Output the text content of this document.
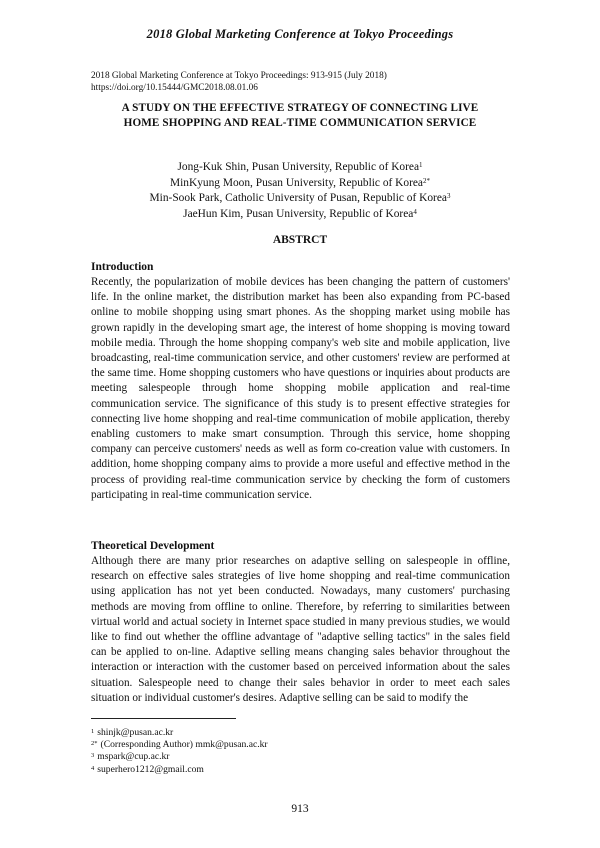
2018 Global Marketing Conference at Tokyo Proceedings
2018 Global Marketing Conference at Tokyo Proceedings: 913-915 (July 2018)
https://doi.org/10.15444/GMC2018.08.01.06
A STUDY ON THE EFFECTIVE STRATEGY OF CONNECTING LIVE
HOME SHOPPING AND REAL-TIME COMMUNICATION SERVICE
Jong-Kuk Shin, Pusan University, Republic of Korea$^1$
MinKyung Moon, Pusan University, Republic of Korea$^{2*}$
Min-Sook Park, Catholic University of Pusan, Republic of Korea$^3$
JaeHun Kim, Pusan University, Republic of Korea$^4$
ABSTRCT
Introduction
Recently, the popularization of mobile devices has been changing the pattern of customers' life. In the online market, the distribution market has been also expanding from PC-based online to mobile shopping using smart phones. As the shopping market using mobile has grown rapidly in the developing smart age, the interest of home shopping is moving toward mobile media. Through the home shopping company's web site and mobile application, live broadcasting, real-time communication service, and other customers' review are performed at the same time. Home shopping customers who have questions or inquiries about products are meeting salespeople through home shopping mobile application and real-time communication service. The significance of this study is to present effective strategies for connecting live home shopping and real-time communication of mobile application, thereby enabling customers to make smart consumption. Through this service, home shopping company can perceive customers' needs as well as form co-creation value with customers. In addition, home shopping company aims to provide a more useful and effective method in the process of providing real-time communication service by checking the form of customers participating in real-time communication service.
Theoretical Development
Although there are many prior researches on adaptive selling on salespeople in offline, research on effective sales strategies of live home shopping and real-time communication using application has not yet been conducted. Nowadays, many customers' purchasing methods are moving from offline to online. Therefore, by referring to similarities between virtual world and actual society in Internet space studied in many previous studies, we would like to find out whether the offline advantage of "adaptive selling tactics" in the sales field can be applied to on-line. Adaptive selling means changing sales behavior throughout the interaction or interaction with the customer based on perceived information about the sales situation. Salespeople need to change their sales behavior in order to meet each sales situation or individual customer's desires. Adaptive selling can be said to modify the
$^1$ shinjk@pusan.ac.kr
$^{2*}$ (Corresponding Author) mmk@pusan.ac.kr
$^3$ mspark@cup.ac.kr
$^4$ superhero1212@gmail.com
913
